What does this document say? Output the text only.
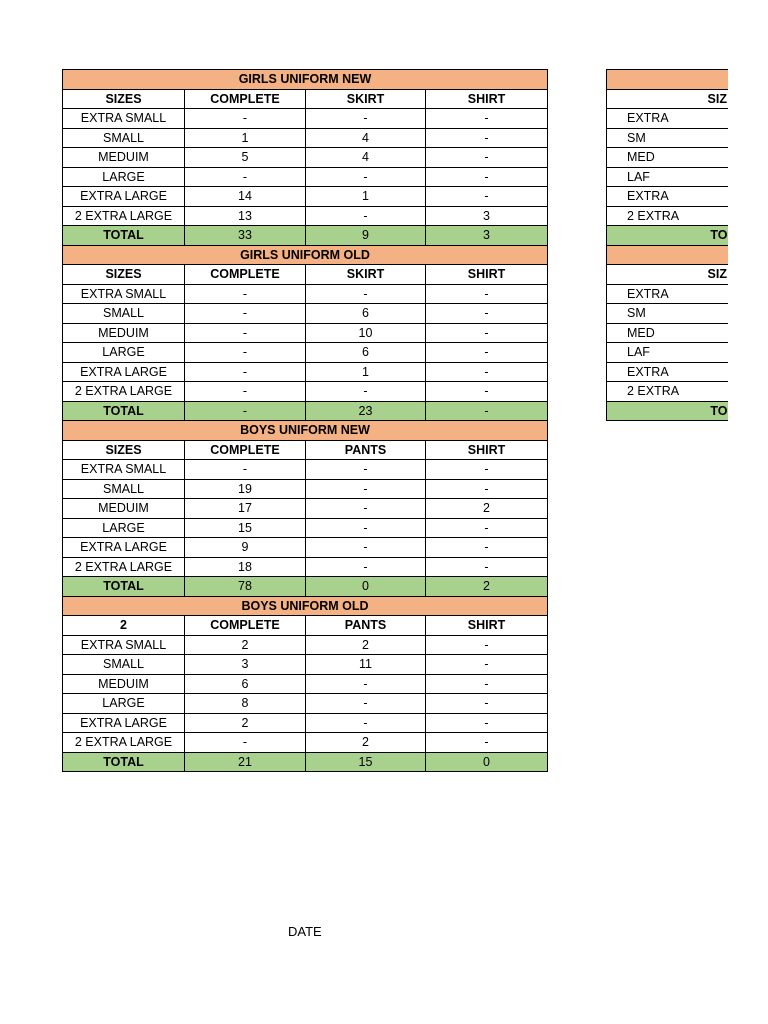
GIRLS UNIFORM NEW			
SIZES	COMPLETE	SKIRT	SHIRT
EXTRA SMALL	-	-	-
SMALL	1	4	-
MEDUIM	5	4	-
LARGE	-	-	-
EXTRA LARGE	14	1	-
2 EXTRA LARGE	13	-	3
TOTAL	33	9	3
GIRLS UNIFORM OLD			
SIZES	COMPLETE	SKIRT	SHIRT
EXTRA SMALL	-	-	-
SMALL	-	6	-
MEDUIM	-	10	-
LARGE	-	6	-
EXTRA LARGE	-	1	-
2 EXTRA LARGE	-	-	-
TOTAL	-	23	-
BOYS UNIFORM NEW			
SIZES	COMPLETE	PANTS	SHIRT
EXTRA SMALL	-	-	-
SMALL	19	-	-
MEDUIM	17	-	2
LARGE	15	-	-
EXTRA LARGE	9	-	-
2 EXTRA LARGE	18	-	-
TOTAL	78	0	2
BOYS UNIFORM OLD			
2	COMPLETE	PANTS	SHIRT
EXTRA SMALL	2	2	-
SMALL	3	11	-
MEDUIM	6	-	-
LARGE	8	-	-
EXTRA LARGE	2	-	-
2 EXTRA LARGE	-	2	-
TOTAL	21	15	0

SIZ
EXTRA
SM
MED
LAF
EXTRA
2 EXTRA
TO

SIZ
EXTRA
SM
MED
LAF
EXTRA
2 EXTRA
TO
DATE
